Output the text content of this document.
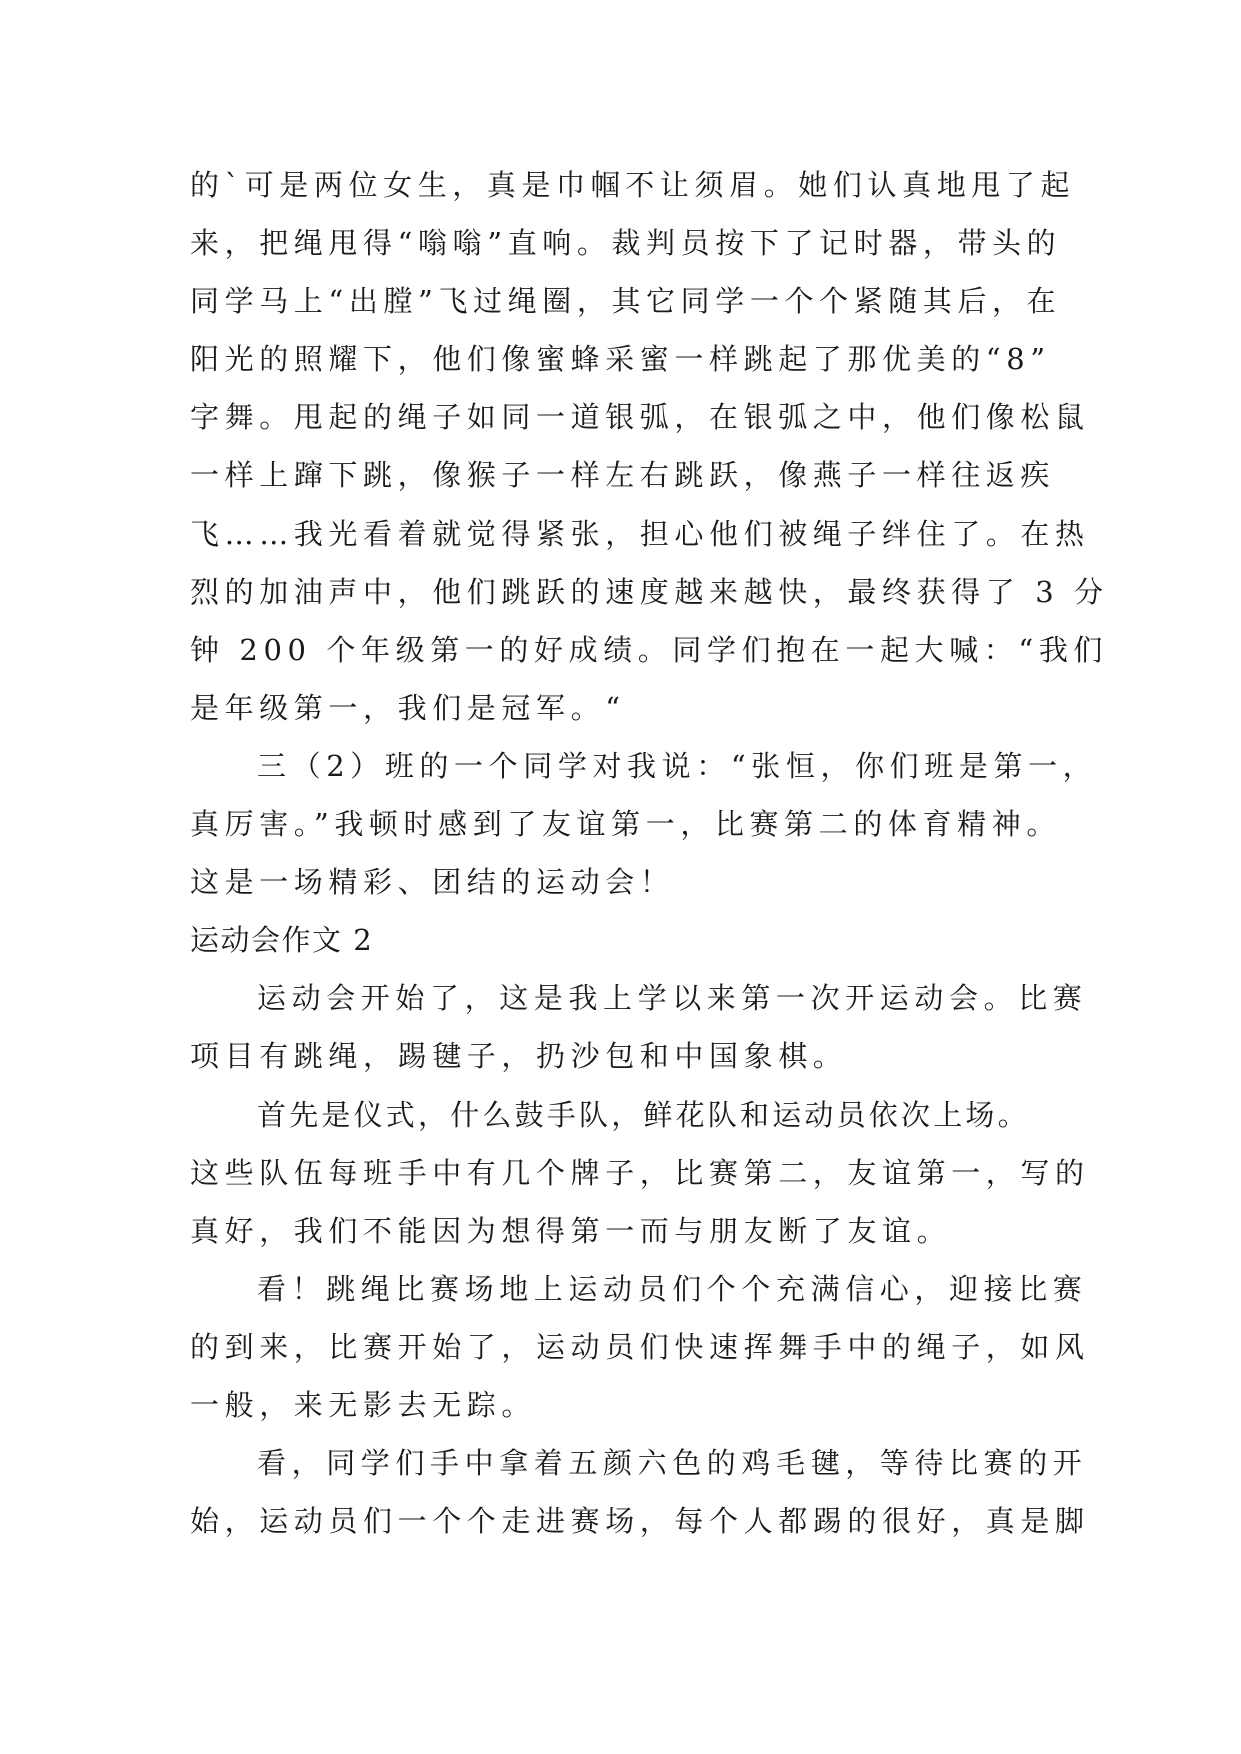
的`可是两位女生，真是巾帼不让须眉。她们认真地甩了起
来，把绳甩得“嗡嗡”直响。裁判员按下了记时器，带头的
同学马上“出膛”飞过绳圈，其它同学一个个紧随其后，在
阳光的照耀下，他们像蜜蜂采蜜一样跳起了那优美的“8”
字舞。甩起的绳子如同一道银弧，在银弧之中，他们像松鼠
一样上蹿下跳，像猴子一样左右跳跃，像燕子一样往返疾
飞……我光看着就觉得紧张，担心他们被绳子绊住了。在热
烈的加油声中，他们跳跃的速度越来越快，最终获得了 3 分
钟 200 个年级第一的好成绩。同学们抱在一起大喊：“我们
是年级第一，我们是冠军。“
三（2）班的一个同学对我说：“张恒，你们班是第一，
真厉害。”我顿时感到了友谊第一，比赛第二的体育精神。
这是一场精彩、团结的运动会！
运动会作文 2
运动会开始了，这是我上学以来第一次开运动会。比赛
项目有跳绳，踢毽子，扔沙包和中国象棋。
首先是仪式，什么鼓手队，鲜花队和运动员依次上场。
这些队伍每班手中有几个牌子，比赛第二，友谊第一，写的
真好，我们不能因为想得第一而与朋友断了友谊。
看！跳绳比赛场地上运动员们个个充满信心，迎接比赛
的到来，比赛开始了，运动员们快速挥舞手中的绳子，如风
一般，来无影去无踪。
看，同学们手中拿着五颜六色的鸡毛毽，等待比赛的开
始，运动员们一个个走进赛场，每个人都踢的很好，真是脚
